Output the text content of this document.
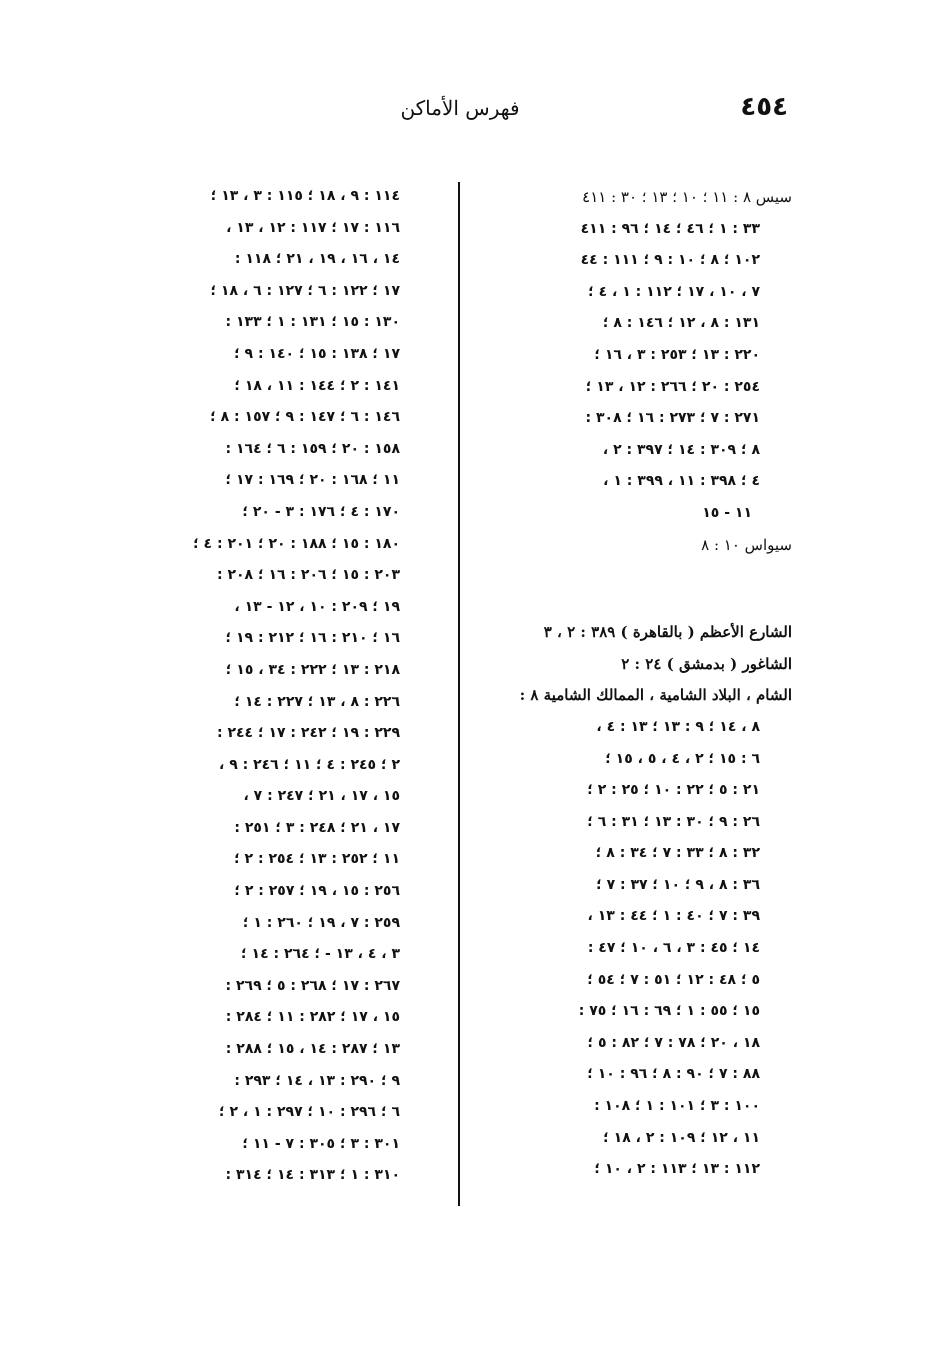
٤٥٤
فهرس الأماكن
سيس ٨ : ١١ ؛ ١٠ ؛ ١٣ ؛ ٣٠ : ٤١١
٣٣ : ١ ؛ ٤٦ ؛ ١٤ ؛ ٩٦ : ٤١١
١٠٢ ؛ ٨ ؛ ١٠ : ٩ ؛ ١١١ : ٤٤
٧ ، ١٠ ، ١٧ ؛ ١١٢ : ١ ، ٤ ؛
١٣١ : ٨ ، ١٢ ؛ ١٤٦ : ٨ ؛
٢٢٠ : ١٣ ؛ ٢٥٣ : ٣ ، ١٦ ؛
٢٥٤ : ٢٠ ؛ ٢٦٦ : ١٢ ، ١٣ ؛
٢٧١ : ٧ ؛ ٢٧٣ : ١٦ ؛ ٣٠٨ :
٨ ؛ ٣٠٩ : ١٤ ؛ ٣٩٧ : ٢ ،
٤ ؛ ٣٩٨ : ١١ ، ٣٩٩ : ١ ،
١١ - ١٥
سيواس ١٠ : ٨
الشارع الأعظم ( بالقاهرة ) ٣٨٩ : ٢ ، ٣
الشاغور ( بدمشق ) ٢٤ : ٢
الشام ، البلاد الشامية ، الممالك الشامية ٨ :
٨ ، ١٤ ؛ ٩ : ١٣ ؛ ١٣ : ٤ ،
٦ : ١٥ ؛ ٢ ، ٤ ، ٥ ، ١٥ ؛
٢١ : ٥ ؛ ٢٢ : ١٠ ؛ ٢٥ : ٢ ؛
٢٦ : ٩ ؛ ٣٠ : ١٣ ؛ ٣١ : ٦ ؛
٣٢ : ٨ ؛ ٣٣ : ٧ ؛ ٣٤ : ٨ ؛
٣٦ : ٨ ، ٩ ؛ ١٠ ؛ ٣٧ : ٧ ؛
٣٩ : ٧ ؛ ٤٠ : ١ ؛ ٤٤ : ١٣ ،
١٤ ؛ ٤٥ : ٣ ، ٦ ، ١٠ ؛ ٤٧ :
٥ ؛ ٤٨ : ١٢ ؛ ٥١ : ٧ ؛ ٥٤ ؛
١٥ ؛ ٥٥ : ١ ؛ ٦٩ : ١٦ ؛ ٧٥ :
١٨ ، ٢٠ ؛ ٧٨ : ٧ ؛ ٨٢ : ٥ ؛
٨٨ : ٧ ؛ ٩٠ : ٨ ؛ ٩٦ : ١٠ ؛
١٠٠ : ٣ ؛ ١٠١ : ١ ؛ ١٠٨ :
١١ ، ١٢ ؛ ١٠٩ : ٢ ، ١٨ ؛
١١٢ : ١٣ ؛ ١١٣ : ٢ ، ١٠ ؛
١١٤ : ٩ ، ١٨ ؛ ١١٥ : ٣ ، ١٣ ؛
١١٦ : ١٧ ؛ ١١٧ : ١٢ ، ١٣ ،
١٤ ، ١٦ ، ١٩ ، ٢١ ؛ ١١٨ :
١٧ ؛ ١٢٢ : ٦ ؛ ١٢٧ : ٦ ، ١٨ ؛
١٣٠ : ١٥ ؛ ١٣١ : ١ ؛ ١٣٣ :
١٧ ؛ ١٣٨ : ١٥ ؛ ١٤٠ : ٩ ؛
١٤١ : ٢ ؛ ١٤٤ : ١١ ، ١٨ ؛
١٤٦ : ٦ ؛ ١٤٧ : ٩ ؛ ١٥٧ : ٨ ؛
١٥٨ : ٢٠ ؛ ١٥٩ : ٦ ؛ ١٦٤ :
١١ ؛ ١٦٨ : ٢٠ ؛ ١٦٩ : ١٧ ؛
١٧٠ : ٤ ؛ ١٧٦ : ٣ - ٢٠ ؛
١٨٠ : ١٥ ؛ ١٨٨ : ٢٠ ؛ ٢٠١ : ٤ ؛
٢٠٣ : ١٥ ؛ ٢٠٦ : ١٦ ؛ ٢٠٨ :
١٩ ؛ ٢٠٩ : ١٠ ، ١٢ - ١٣ ،
١٦ ؛ ٢١٠ : ١٦ ؛ ٢١٢ : ١٩ ؛
٢١٨ : ١٣ ؛ ٢٢٢ : ٣٤ ، ١٥ ؛
٢٢٦ : ٨ ، ١٣ ؛ ٢٢٧ : ١٤ ؛
٢٢٩ : ١٩ ؛ ٢٤٢ : ١٧ ؛ ٢٤٤ :
٢ ؛ ٢٤٥ : ٤ ؛ ١١ ؛ ٢٤٦ : ٩ ،
١٥ ، ١٧ ، ٢١ ؛ ٢٤٧ : ٧ ،
١٧ ، ٢١ ؛ ٢٤٨ : ٣ ؛ ٢٥١ :
١١ ؛ ٢٥٢ : ١٣ ؛ ٢٥٤ : ٢ ؛
٢٥٦ : ١٥ ، ١٩ ؛ ٢٥٧ : ٢ ؛
٢٥٩ : ٧ ، ١٩ ؛ ٢٦٠ : ١ ؛
٣ ، ٤ ، ١٣ - ؛ ٢٦٤ : ١٤ ؛
٢٦٧ : ١٧ ؛ ٢٦٨ : ٥ ؛ ٢٦٩ :
١٥ ، ١٧ ؛ ٢٨٢ : ١١ ؛ ٢٨٤ :
١٣ ؛ ٢٨٧ : ١٤ ، ١٥ ؛ ٢٨٨ :
٩ ؛ ٢٩٠ : ١٣ ، ١٤ ؛ ٢٩٣ :
٦ ؛ ٢٩٦ : ١٠ ؛ ٢٩٧ : ١ ، ٢ ؛
٣٠١ : ٣ ؛ ٣٠٥ : ٧ - ١١ ؛
٣١٠ : ١ ؛ ٣١٣ : ١٤ ؛ ٣١٤ :
